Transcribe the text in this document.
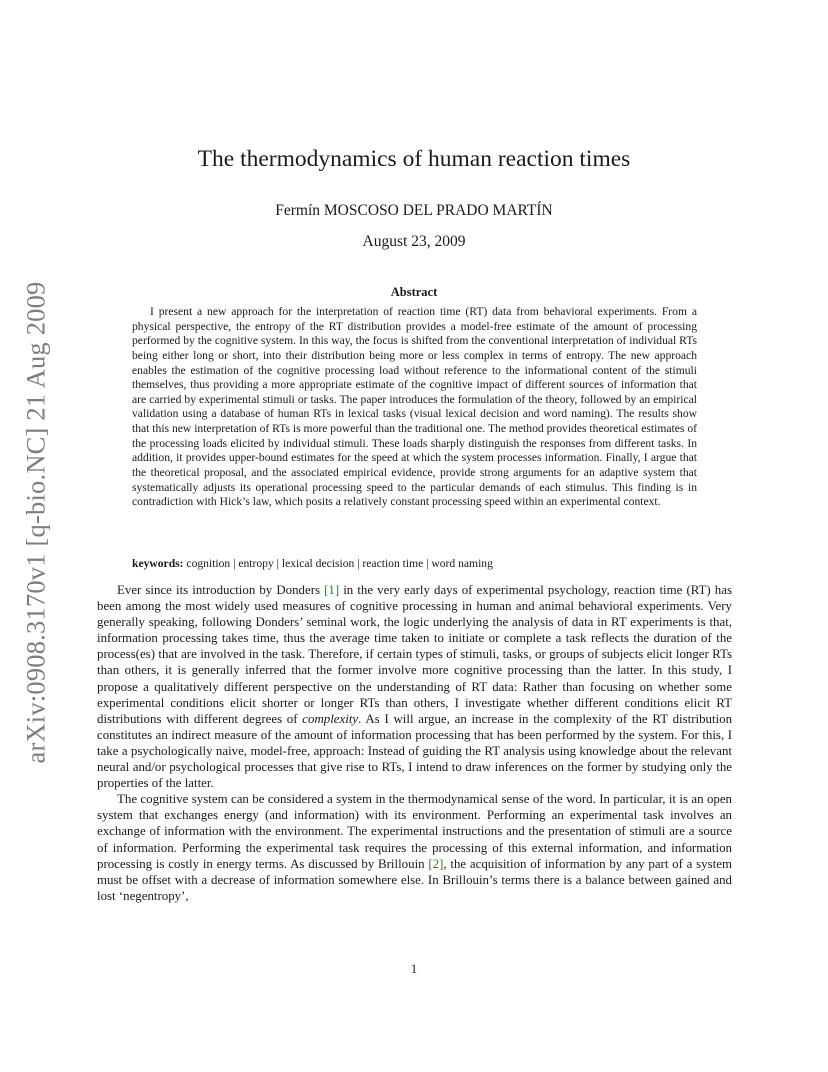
arXiv:0908.3170v1 [q-bio.NC] 21 Aug 2009
The thermodynamics of human reaction times
Fermín MOSCOSO DEL PRADO MARTÍN
August 23, 2009
Abstract

I present a new approach for the interpretation of reaction time (RT) data from behavioral experiments. From a physical perspective, the entropy of the RT distribution provides a model-free estimate of the amount of processing performed by the cognitive system. In this way, the focus is shifted from the conventional interpretation of individual RTs being either long or short, into their distribution being more or less complex in terms of entropy. The new approach enables the estimation of the cognitive processing load without reference to the informational content of the stimuli themselves, thus providing a more appropriate estimate of the cognitive impact of different sources of information that are carried by experimental stimuli or tasks. The paper introduces the formulation of the theory, followed by an empirical validation using a database of human RTs in lexical tasks (visual lexical decision and word naming). The results show that this new interpretation of RTs is more powerful than the traditional one. The method provides theoretical estimates of the processing loads elicited by individual stimuli. These loads sharply distinguish the responses from different tasks. In addition, it provides upper-bound estimates for the speed at which the system processes information. Finally, I argue that the theoretical proposal, and the associated empirical evidence, provide strong arguments for an adaptive system that systematically adjusts its operational processing speed to the particular demands of each stimulus. This finding is in contradiction with Hick’s law, which posits a relatively constant processing speed within an experimental context.

keywords: cognition | entropy | lexical decision | reaction time | word naming

Ever since its introduction by Donders [1] in the very early days of experimental psychology, reaction time (RT) has been among the most widely used measures of cognitive processing in human and animal behavioral experiments. Very generally speaking, following Donders’ seminal work, the logic underlying the analysis of data in RT experiments is that, information processing takes time, thus the average time taken to initiate or complete a task reflects the duration of the process(es) that are involved in the task. Therefore, if certain types of stimuli, tasks, or groups of subjects elicit longer RTs than others, it is generally inferred that the former involve more cognitive processing than the latter. In this study, I propose a qualitatively different perspective on the understanding of RT data: Rather than focusing on whether some experimental conditions elicit shorter or longer RTs than others, I investigate whether different conditions elicit RT distributions with different degrees of complexity. As I will argue, an increase in the complexity of the RT distribution constitutes an indirect measure of the amount of information processing that has been performed by the system. For this, I take a psychologically naive, model-free, approach: Instead of guiding the RT analysis using knowledge about the relevant neural and/or psychological processes that give rise to RTs, I intend to draw inferences on the former by studying only the properties of the latter.

The cognitive system can be considered a system in the thermodynamical sense of the word. In particular, it is an open system that exchanges energy (and information) with its environment. Performing an experimental task involves an exchange of information with the environment. The experimental instructions and the presentation of stimuli are a source of information. Performing the experimental task requires the processing of this external information, and information processing is costly in energy terms. As discussed by Brillouin [2], the acquisition of information by any part of a system must be offset with a decrease of information somewhere else. In Brillouin’s terms there is a balance between gained and lost ‘negentropy’,

1
